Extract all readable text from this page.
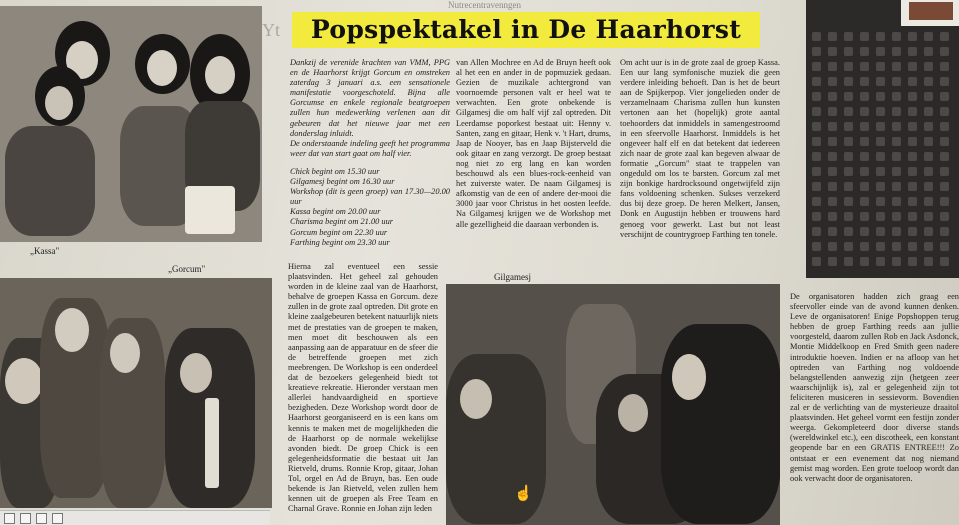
Nutrecentravenngen
Yt
„Kassa"
„Gorcum"
Popspektakel in De Haarhorst

Dankzij de verenide krachten van VMM, PPG en de Haarhorst krijgt Gorcum en omstreken zaterdag 3 januari a.s. een sensationele manifestatie voorgeschoteld. Bijna alle Gorcumse en enkele regionale beatgroepen zullen hun medewerking verlenen aan dit gebeuren dat het nieuwe jaar met een donderslag inluidt.

De onderstaande indeling geeft het programma weer dat van start gaat om half vier.

Chick begint om 15.30 uur
Gilgamesj begint om 16.30 uur
Workshop (dit is geen groep) van 17.30—20.00 uur
Kassa begint om 20.00 uur
Charisma begint om 21.00 uur
Gorcum begint om 22.30 uur
Farthing begint om 23.30 uur
Hierna zal eventueel een sessie plaatsvinden. Het geheel zal gehouden worden in de kleine zaal van de Haarhorst, behalve de groepen Kassa en Gorcum. deze zullen in de grote zaal optreden. Dit grote en kleine zaalgebeuren betekent natuurlijk niets met de prestaties van de groepen te maken, men moet dit beschouwen als een aanpassing aan de apparatuur en de sfeer die de betreffende groepen met zich meebrengen. De Workshop is een onderdeel dat de bezoekers gelegenheid biedt tot kreatieve rekreatie. Hieronder verstaan men allerlei handvaardigheid en sportieve bezigheden. Deze Workshop wordt door de Haarhorst georganiseerd en is een kans om kennis te maken met de mogelijkheden die de Haarhorst op de normale wekelijkse avonden biedt. De groep Chick is een gelegenheidsformatie die bestaat uit Jan Rietveld, drums. Ronnie Krop, gitaar, Johan Tol, orgel en Ad de Bruyn, bas. Een oude bekende is Jan Rietveld, velen zullen hem kennen uit de groepen als Free Team en Charnal Grave. Ronnie en Johan zijn leden
van Allen Mochree en Ad de Bruyn heeft ook al het een en ander in de popmuziek gedaan. Gezien de muzikale achtergrond van voornoemde personen valt er heel wat te verwachten. Een grote onbekende is Gilgamesj die om half vijf zal optreden. Dit Leerdamse poporkest bestaat uit: Henny v. Santen, zang en gitaar, Henk v. 't Hart, drums, Jaap de Nooyer, bas en Jaap Bijsterveld die ook gitaar en zang verzorgt. De groep bestaat nog niet zo erg lang en kan worden beschouwd als een blues-rock-eenheid van het zuiverste water. De naam Gilgamesj is afkomstig van de een of andere der-mooi die 3000 jaar voor Christus in het oosten leefde. Na Gilgamesj krijgen we de Workshop met alle gezelligheid die daaraan verbonden is.
Gilgamesj
Om acht uur is in de grote zaal de groep Kassa. Een uur lang symfonische muziek die geen verdere inleiding behoeft. Dan is het de beurt aan de Spijkerpop. Vier jongelieden onder de verzamelnaam Charisma zullen hun kunsten vertonen aan het (hopelijk) grote aantal toehoorders dat inmiddels in samengestroomd in een sfeervolle Haarhorst. Inmiddels is het ongeveer half elf en dat betekent dat iedereen zich naar de grote zaal kan begeven alwaar de formatie „Gorcum" staat te trappelen van ongeduld om los te barsten. Gorcum zal met zijn bonkige hardrocksound ongetwijfeld zijn fans voldoening schenken. Sukses verzekerd dus bij deze groep. De heren Melkert, Jansen, Donk en Augustijn hebben er trouwens hard genoeg voor gewerkt. Last but not least verschijnt de countrygroep Farthing ten tonele.
De organisatoren hadden zich graag een sfeervoller einde van de avond kunnen denken. Leve de organisatoren! Enige Popshoppen terug hebben de groep Farthing reeds aan jullie voorgesteld, daarom zullen Rob en Jack Asdonck, Montie Middelkoop en Fred Smith geen nadere introduktie hoeven. Indien er na afloop van het optreden van Farthing nog voldoende belangstellenden aanwezig zijn (hetgeen zeer waarschijnlijk is), zal er gelegenheid zijn tot feliciteren musiceren in sessievorm. Bovendien zal er de verlichting van de mysterieuze draaitol plaatsvinden. Het geheel vormt een festijn zonder weerga. Gekompleteerd door diverse stands (wereldwinkel etc.), een discotheek, een konstant geopende bar en een GRATIS ENTREE!!! Zo ontstaat er een evenement dat nog niemand gemist mag worden. Een grote toeloop wordt dan ook verwacht door de organisatoren.
☝
